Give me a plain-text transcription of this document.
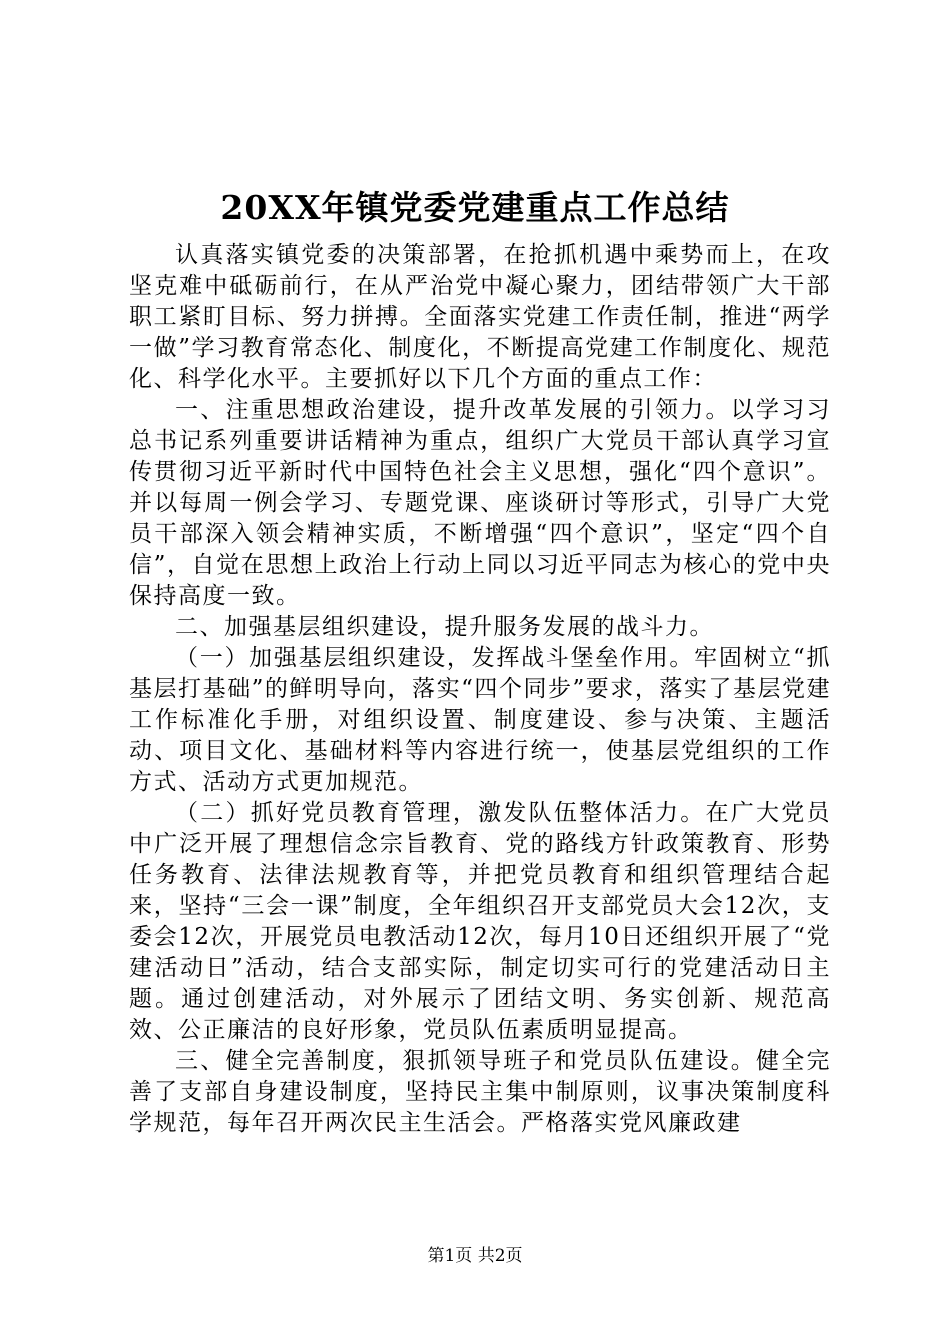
20XX年镇党委党建重点工作总结

认真落实镇党委的决策部署，在抢抓机遇中乘势而上，在攻坚克难中砥砺前行，在从严治党中凝心聚力，团结带领广大干部职工紧盯目标、努力拼搏。全面落实党建工作责任制，推进“两学一做”学习教育常态化、制度化，不断提高党建工作制度化、规范化、科学化水平。主要抓好以下几个方面的重点工作：

一、注重思想政治建设，提升改革发展的引领力。以学习习总书记系列重要讲话精神为重点，组织广大党员干部认真学习宣传贯彻习近平新时代中国特色社会主义思想，强化“四个意识”。并以每周一例会学习、专题党课、座谈研讨等形式，引导广大党员干部深入领会精神实质，不断增强“四个意识”，坚定“四个自信”，自觉在思想上政治上行动上同以习近平同志为核心的党中央保持高度一致。

二、加强基层组织建设，提升服务发展的战斗力。

（一）加强基层组织建设，发挥战斗堡垒作用。牢固树立“抓基层打基础”的鲜明导向，落实“四个同步”要求，落实了基层党建工作标准化手册，对组织设置、制度建设、参与决策、主题活动、项目文化、基础材料等内容进行统一，使基层党组织的工作方式、活动方式更加规范。

（二）抓好党员教育管理，激发队伍整体活力。在广大党员中广泛开展了理想信念宗旨教育、党的路线方针政策教育、形势任务教育、法律法规教育等，并把党员教育和组织管理结合起来，坚持“三会一课”制度，全年组织召开支部党员大会12次，支委会12次，开展党员电教活动12次，每月10日还组织开展了“党建活动日”活动，结合支部实际，制定切实可行的党建活动日主题。通过创建活动，对外展示了团结文明、务实创新、规范高效、公正廉洁的良好形象，党员队伍素质明显提高。

三、健全完善制度，狠抓领导班子和党员队伍建设。健全完善了支部自身建设制度，坚持民主集中制原则，议事决策制度科学规范，每年召开两次民主生活会。严格落实党风廉政建

第1页 共2页
